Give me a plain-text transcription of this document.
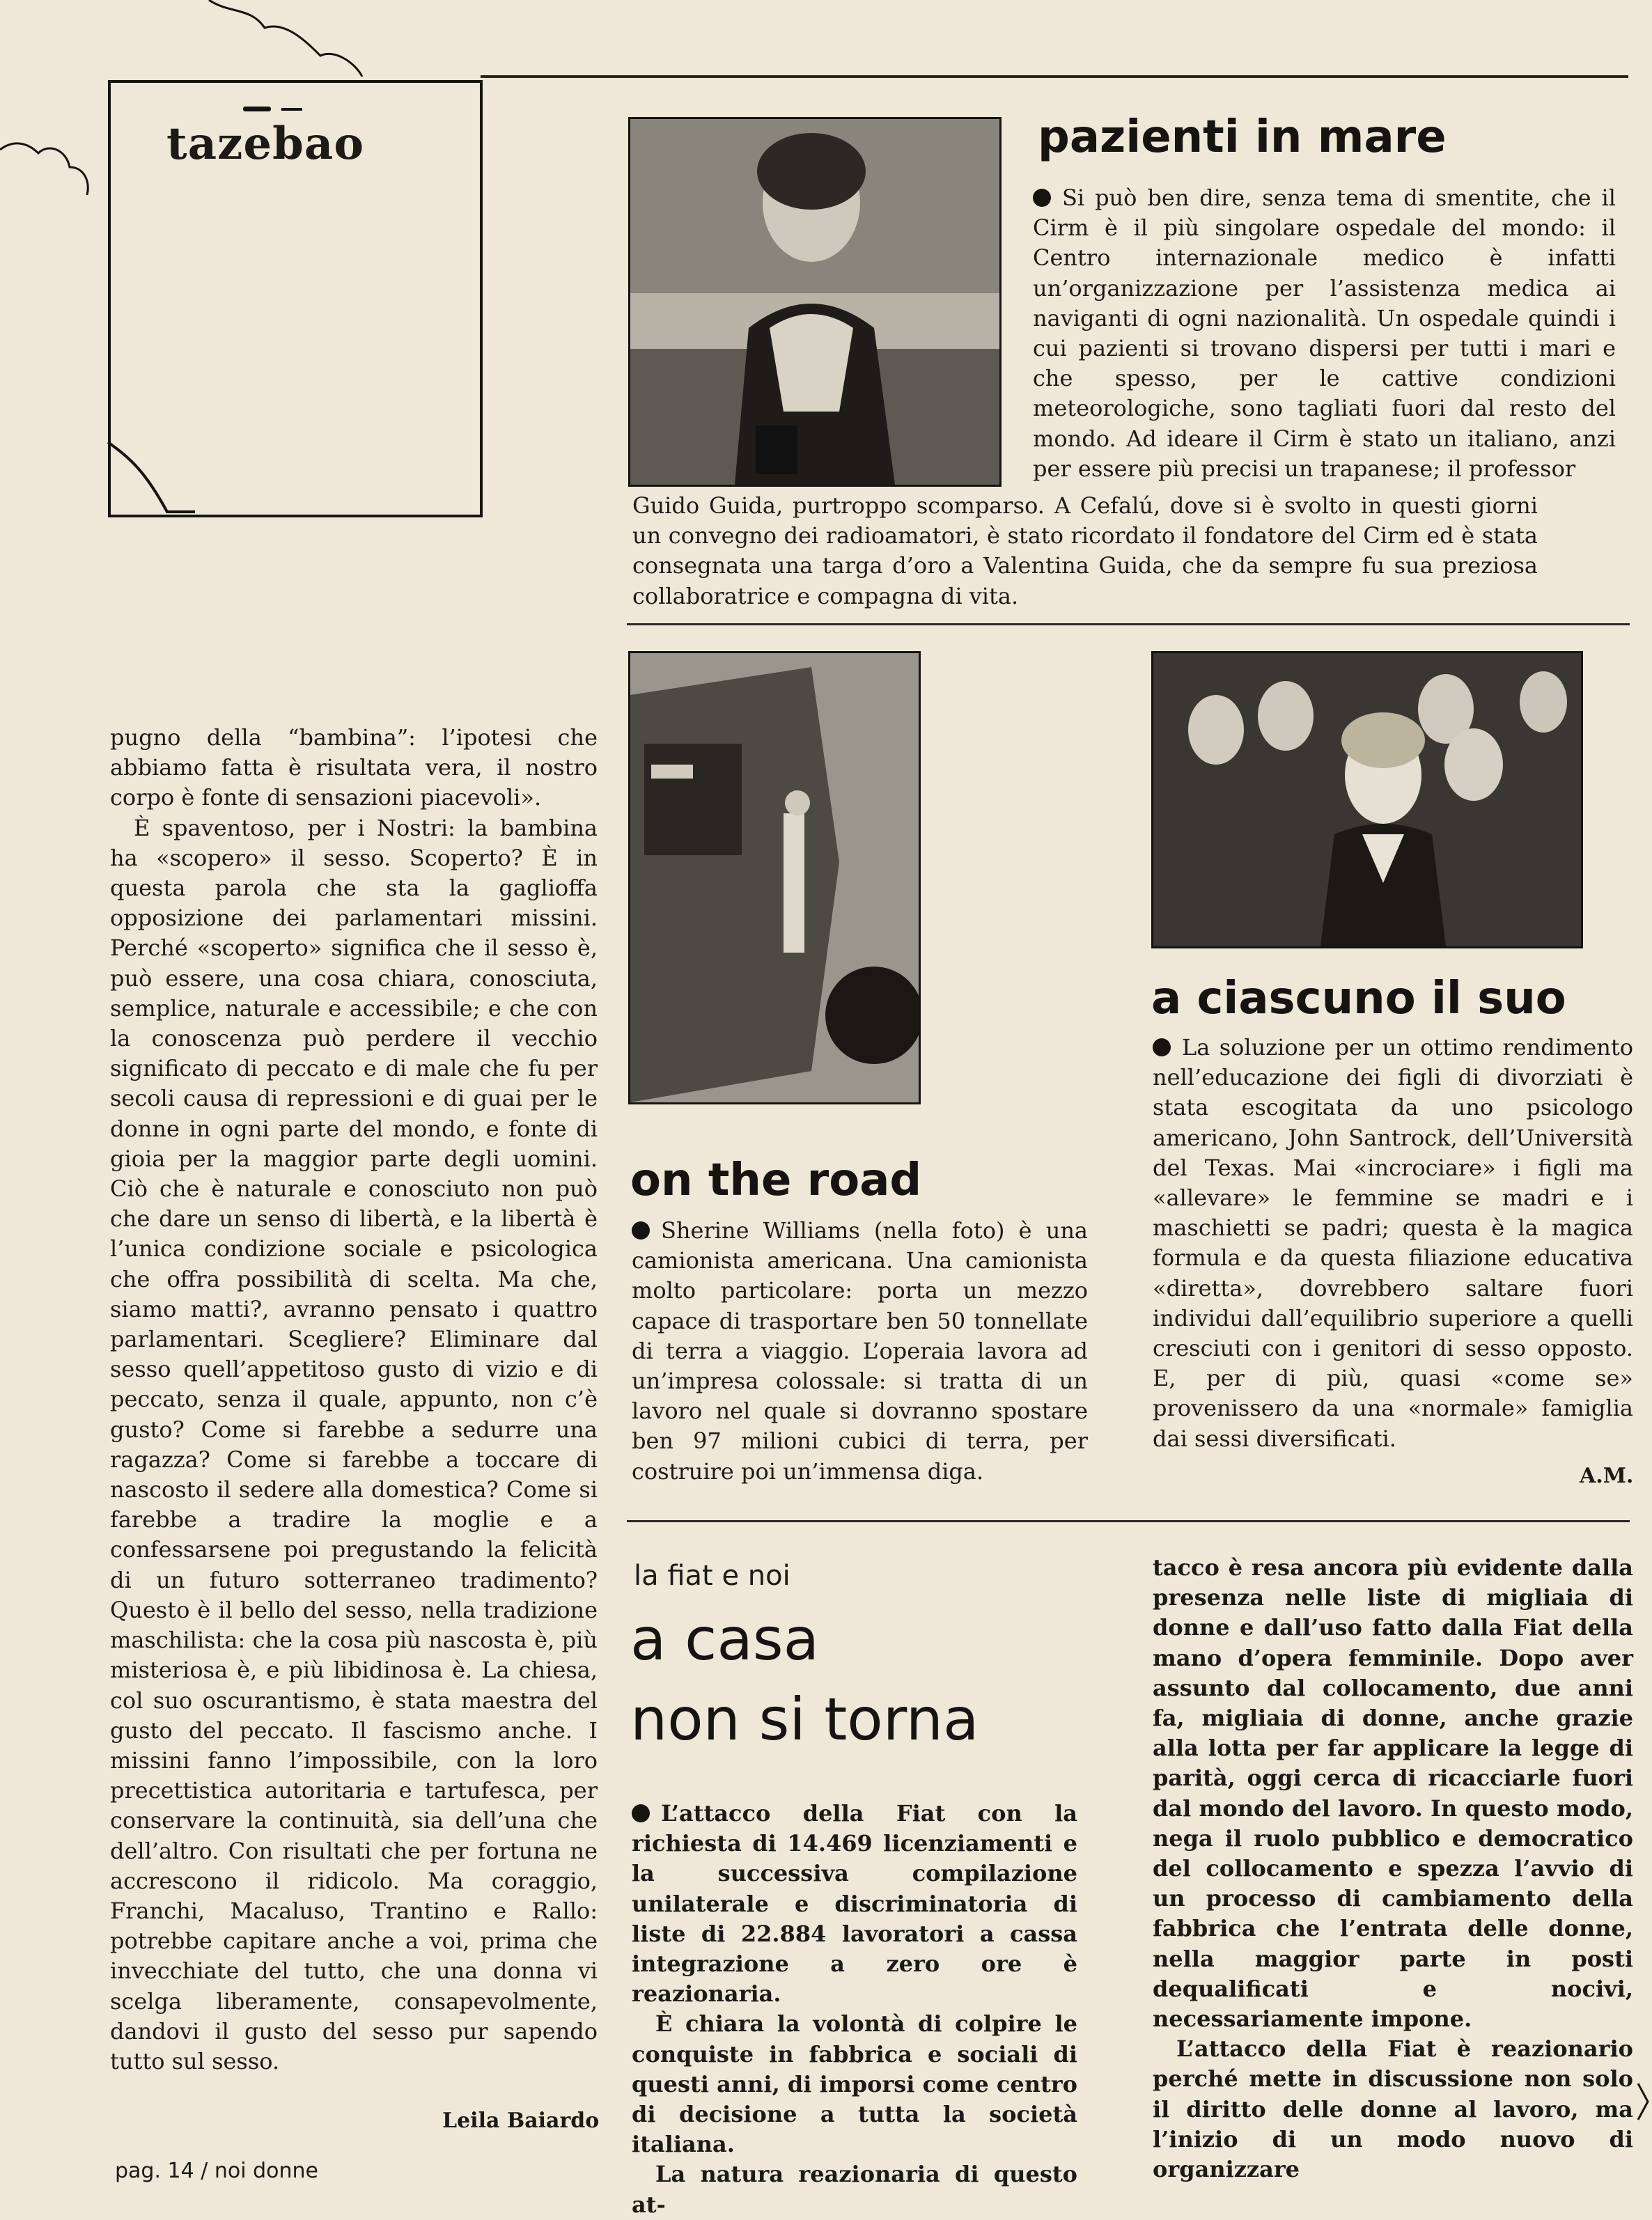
tazebao

pugno della “bambina”: l’ipotesi che abbiamo fatta è risultata vera, il nostro corpo è fonte di sensazioni piacevoli».

È spaventoso, per i Nostri: la bambina ha «scopero» il sesso. Scoperto? È in questa parola che sta la gaglioffa opposizione dei parlamentari missini. Perché «scoperto» significa che il sesso è, può essere, una cosa chiara, conosciuta, semplice, naturale e accessibile; e che con la conoscenza può perdere il vecchio significato di peccato e di male che fu per secoli causa di repressioni e di guai per le donne in ogni parte del mondo, e fonte di gioia per la maggior parte degli uomini. Ciò che è naturale e conosciuto non può che dare un senso di libertà, e la libertà è l’unica condizione sociale e psicologica che offra possibilità di scelta. Ma che, siamo matti?, avranno pensato i quattro parlamentari. Scegliere? Eliminare dal sesso quell’appetitoso gusto di vizio e di peccato, senza il quale, appunto, non c’è gusto? Come si farebbe a sedurre una ragazza? Come si farebbe a toccare di nascosto il sedere alla domestica? Come si farebbe a tradire la moglie e a confessarsene poi pregustando la felicità di un futuro sotterraneo tradimento? Questo è il bello del sesso, nella tradizione maschilista: che la cosa più nascosta è, più misteriosa è, e più libidinosa è. La chiesa, col suo oscurantismo, è stata maestra del gusto del peccato. Il fascismo anche. I missini fanno l’impossibile, con la loro precettistica autoritaria e tartufesca, per conservare la continuità, sia dell’una che dell’altro. Con risultati che per fortuna ne accrescono il ridicolo. Ma coraggio, Franchi, Macaluso, Trantino e Rallo: potrebbe capitare anche a voi, prima che invecchiate del tutto, che una donna vi scelga liberamente, consapevolmente, dandovi il gusto del sesso pur sapendo tutto sul sesso.

Leila Baiardo
pazienti in mare

Si può ben dire, senza tema di smentite, che il Cirm è il più singolare ospedale del mondo: il Centro internazionale medico è infatti un’organizzazione per l’assistenza medica ai naviganti di ogni nazionalità. Un ospedale quindi i cui pazienti si trovano dispersi per tutti i mari e che spesso, per le cattive condizioni meteorologiche, sono tagliati fuori dal resto del mondo. Ad ideare il Cirm è stato un italiano, anzi per essere più precisi un trapanese; il professor

Guido Guida, purtroppo scomparso. A Cefalú, dove si è svolto in questi giorni un convegno dei radioamatori, è stato ricordato il fondatore del Cirm ed è stata consegnata una targa d’oro a Valentina Guida, che da sempre fu sua preziosa collaboratrice e compagna di vita.

a ciascuno il suo

La soluzione per un ottimo rendimento nell’educazione dei figli di divorziati è stata escogitata da uno psicologo americano, John Santrock, dell’Università del Texas. Mai «incrociare» i figli ma «allevare» le femmine se madri e i maschietti se padri; questa è la magica formula e da questa filiazione educativa «diretta», dovrebbero saltare fuori individui dall’equilibrio superiore a quelli cresciuti con i genitori di sesso opposto. E, per di più, quasi «come se» provenissero da una «normale» famiglia dai sessi diversificati.

A.M.
on the road

Sherine Williams (nella foto) è una camionista americana. Una camionista molto particolare: porta un mezzo capace di trasportare ben 50 tonnellate di terra a viaggio. L’operaia lavora ad un’impresa colossale: si tratta di un lavoro nel quale si dovranno spostare ben 97 milioni cubici di terra, per costruire poi un’immensa diga.

la fiat e noi
a casa
non si torna

L’attacco della Fiat con la richiesta di 14.469 licenziamenti e la successiva compilazione unilaterale e discriminatoria di liste di 22.884 lavoratori a cassa integrazione a zero ore è reazionaria.

È chiara la volontà di colpire le conquiste in fabbrica e sociali di questi anni, di imporsi come centro di decisione a tutta la società italiana.

La natura reazionaria di questo at-

tacco è resa ancora più evidente dalla presenza nelle liste di migliaia di donne e dall’uso fatto dalla Fiat della mano d’opera femminile. Dopo aver assunto dal collocamento, due anni fa, migliaia di donne, anche grazie alla lotta per far applicare la legge di parità, oggi cerca di ricacciarle fuori dal mondo del lavoro. In questo modo, nega il ruolo pubblico e democratico del collocamento e spezza l’avvio di un processo di cambiamento della fabbrica che l’entrata delle donne, nella maggior parte in posti dequalificati e nocivi, necessariamente impone.

L’attacco della Fiat è reazionario perché mette in discussione non solo il diritto delle donne al lavoro, ma l’inizio di un modo nuovo di organizzare

pag. 14 / noi donne
